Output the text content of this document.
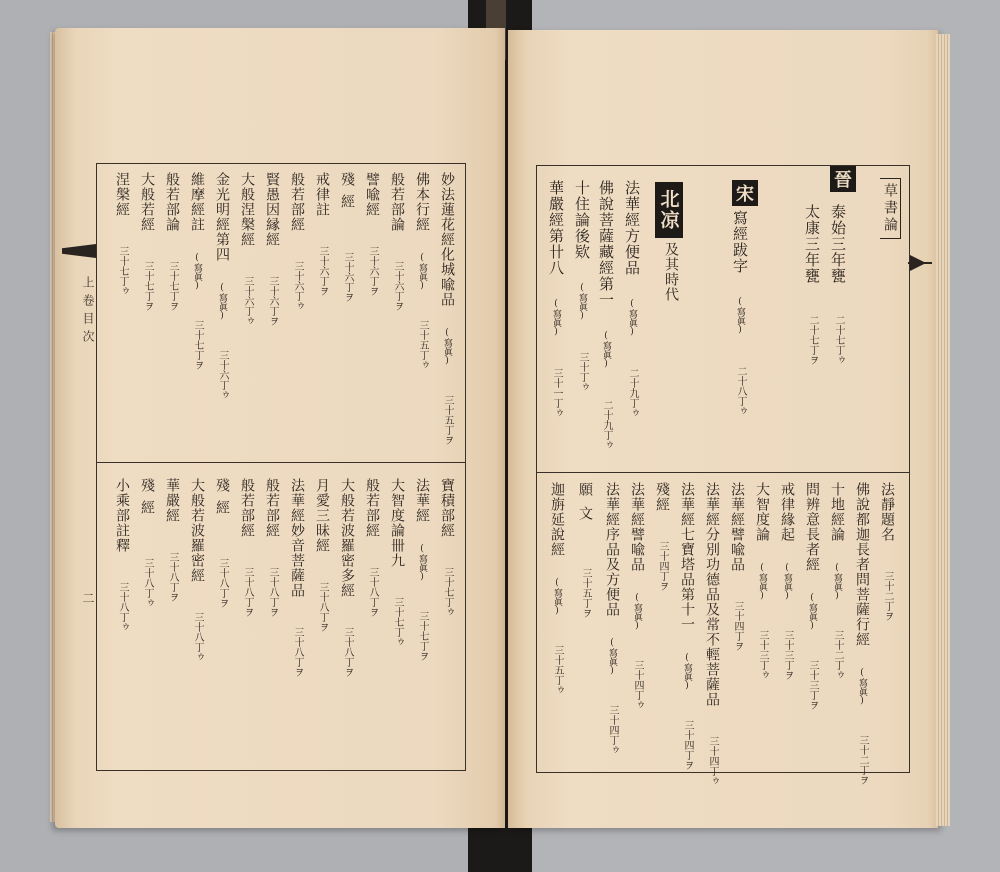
上卷目次
二
草書論
晉
宋
北凉
及其時代	泰始三年甕 二十七丁ゥ
太康三年甕 二十七丁ヲ
寫經跋字 (寫眞) 二十八丁ゥ
法華經方便品 (寫眞) 二十九丁ゥ
佛說菩薩藏經第一 (寫眞) 二十九丁ゥ
十住論後欵 (寫眞) 三十丁ゥ
華嚴經第卄八 (寫眞) 三十一丁ゥ
法靜題名 三十二丁ヲ
佛說都迦長者問菩薩行經 (寫眞) 三十二丁ヲ
十地經論 (寫眞) 三十二丁ゥ
問辨意長者經 (寫眞) 三十三丁ヲ
戒律緣起 (寫眞) 三十三丁ヲ
大智度論 (寫眞) 三十三丁ゥ
法華經譬喩品 三十四丁ヲ
法華經分別功德品及常不輕菩薩品 三十四丁ゥ
法華經七寶塔品第十一 (寫眞) 三十四丁ヲ
殘經 三十四丁ヲ
法華經譬喩品 (寫眞) 三十四丁ゥ
法華經序品及方便品 (寫眞) 三十四丁ゥ
願文 三十五丁ヲ
迦旃延說經 (寫眞) 三十五丁ゥ
妙法蓮花經化城喩品 (寫眞) 三十五丁ヲ
佛本行經 (寫眞) 三十五丁ゥ
般若部論 三十六丁ヲ
譬喩經 三十六丁ヲ
殘經 三十六丁ヲ
戒律註 三十六丁ヲ
般若部經 三十六丁ゥ
賢愚因縁經 三十六丁ヲ
大般涅槃經 三十六丁ゥ
金光明經第四 (寫眞) 三十六丁ゥ
維摩經註 (寫眞) 三十七丁ヲ
般若部論 三十七丁ヲ
大般若經 三十七丁ヲ
涅槃經 三十七丁ゥ
寶積部經 三十七丁ゥ
法華經 (寫眞) 三十七丁ヲ
大智度論卌九 三十七丁ゥ
般若部經 三十八丁ヲ
大般若波羅密多經 三十八丁ヲ
月愛三昧經 三十八丁ヲ
法華經妙音菩薩品 三十八丁ヲ
般若部經 三十八丁ヲ
般若部經 三十八丁ヲ
殘經 三十八丁ヲ
大般若波羅密經 三十八丁ゥ
華嚴經 三十八丁ヲ
殘經 三十八丁ゥ
小乘部註釋 三十八丁ゥ
